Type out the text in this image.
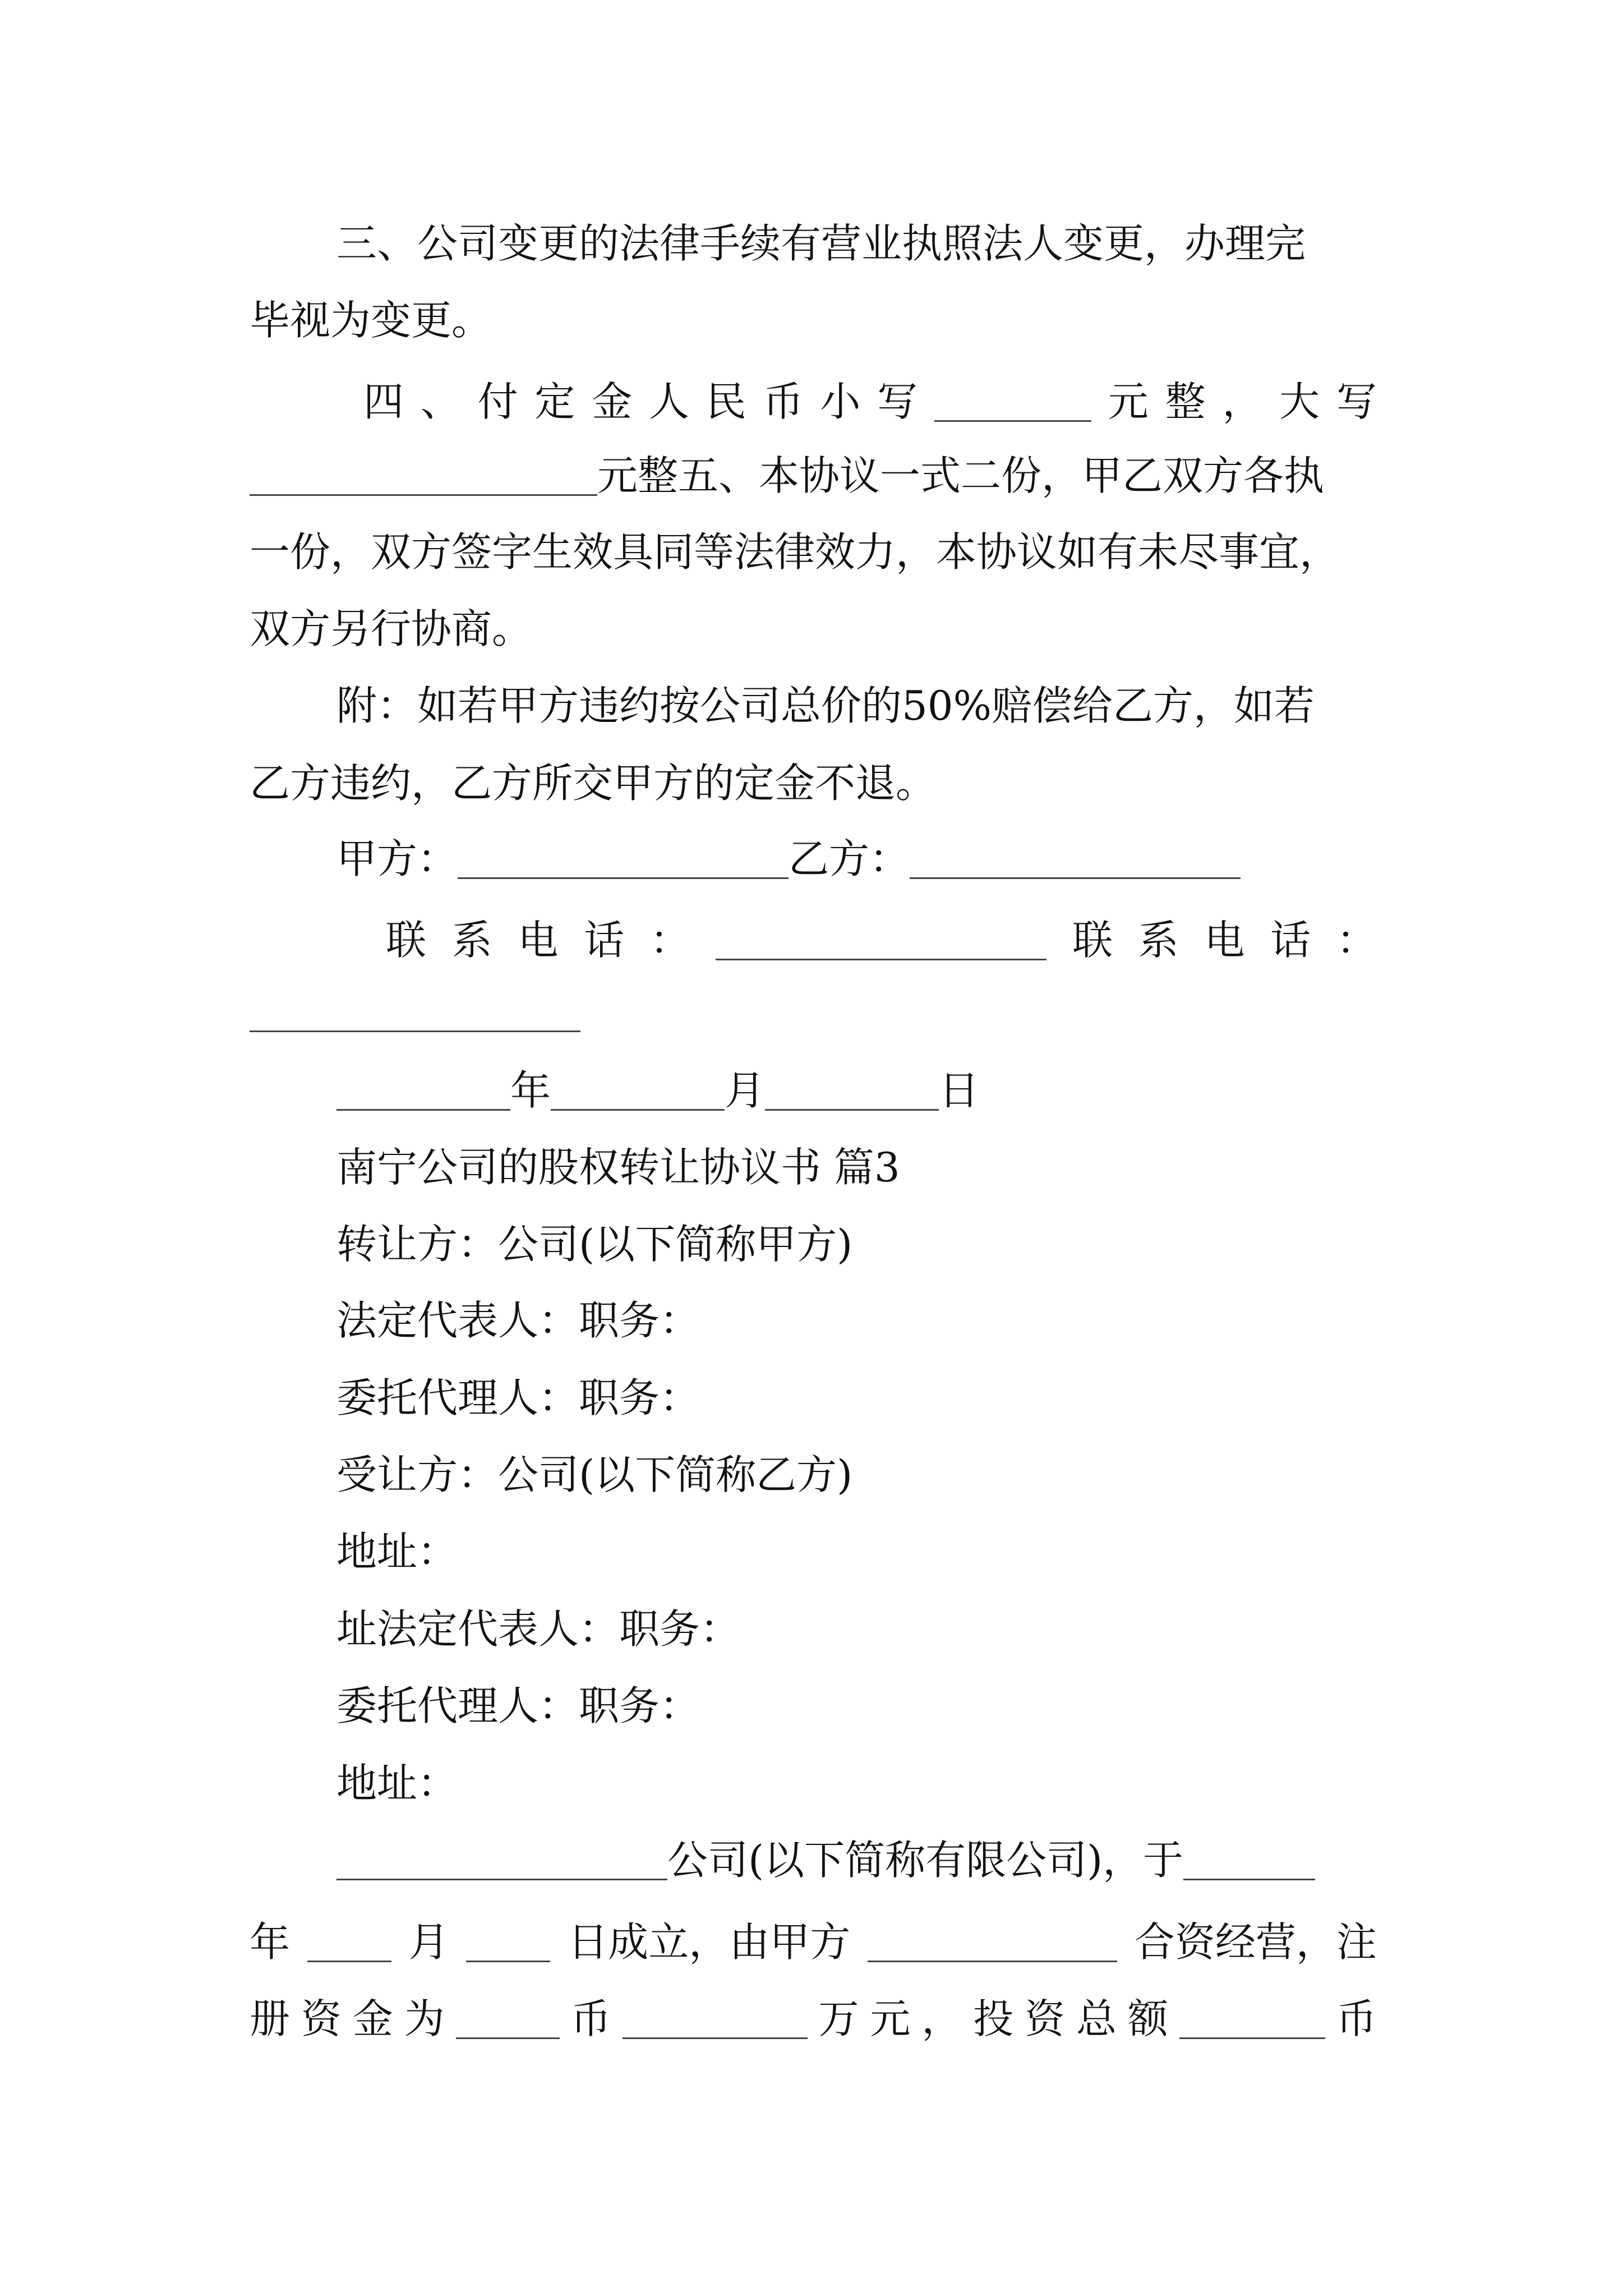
三、公司变更的法律手续有营业执照法人变更，办理完
毕视为变更。
四 、 付 定 金 人 民 币 小 写	元 整 ， 大 写
元整五、本协议一式二份，甲乙双方各执
一份，双方签字生效具同等法律效力，本协议如有未尽事宜，
双方另行协商。
附：如若甲方违约按公司总价的50%赔偿给乙方，如若
乙方违约，乙方所交甲方的定金不退。
甲方：	乙方：
联 系 电 话 ：	联 系 电 话 ：
年	月	日
南宁公司的股权转让协议书 篇3
转让方：公司(以下简称甲方)
法定代表人：职务：
委托代理人：职务：
受让方：公司(以下简称乙方)
地址：
址法定代表人：职务：
委托代理人：职务：
地址：
公司(以下简称有限公司)，于
年	月	日成立，由甲方	合资经营，注
册 资 金 为	币	万 元 ， 投 资 总 额	币
